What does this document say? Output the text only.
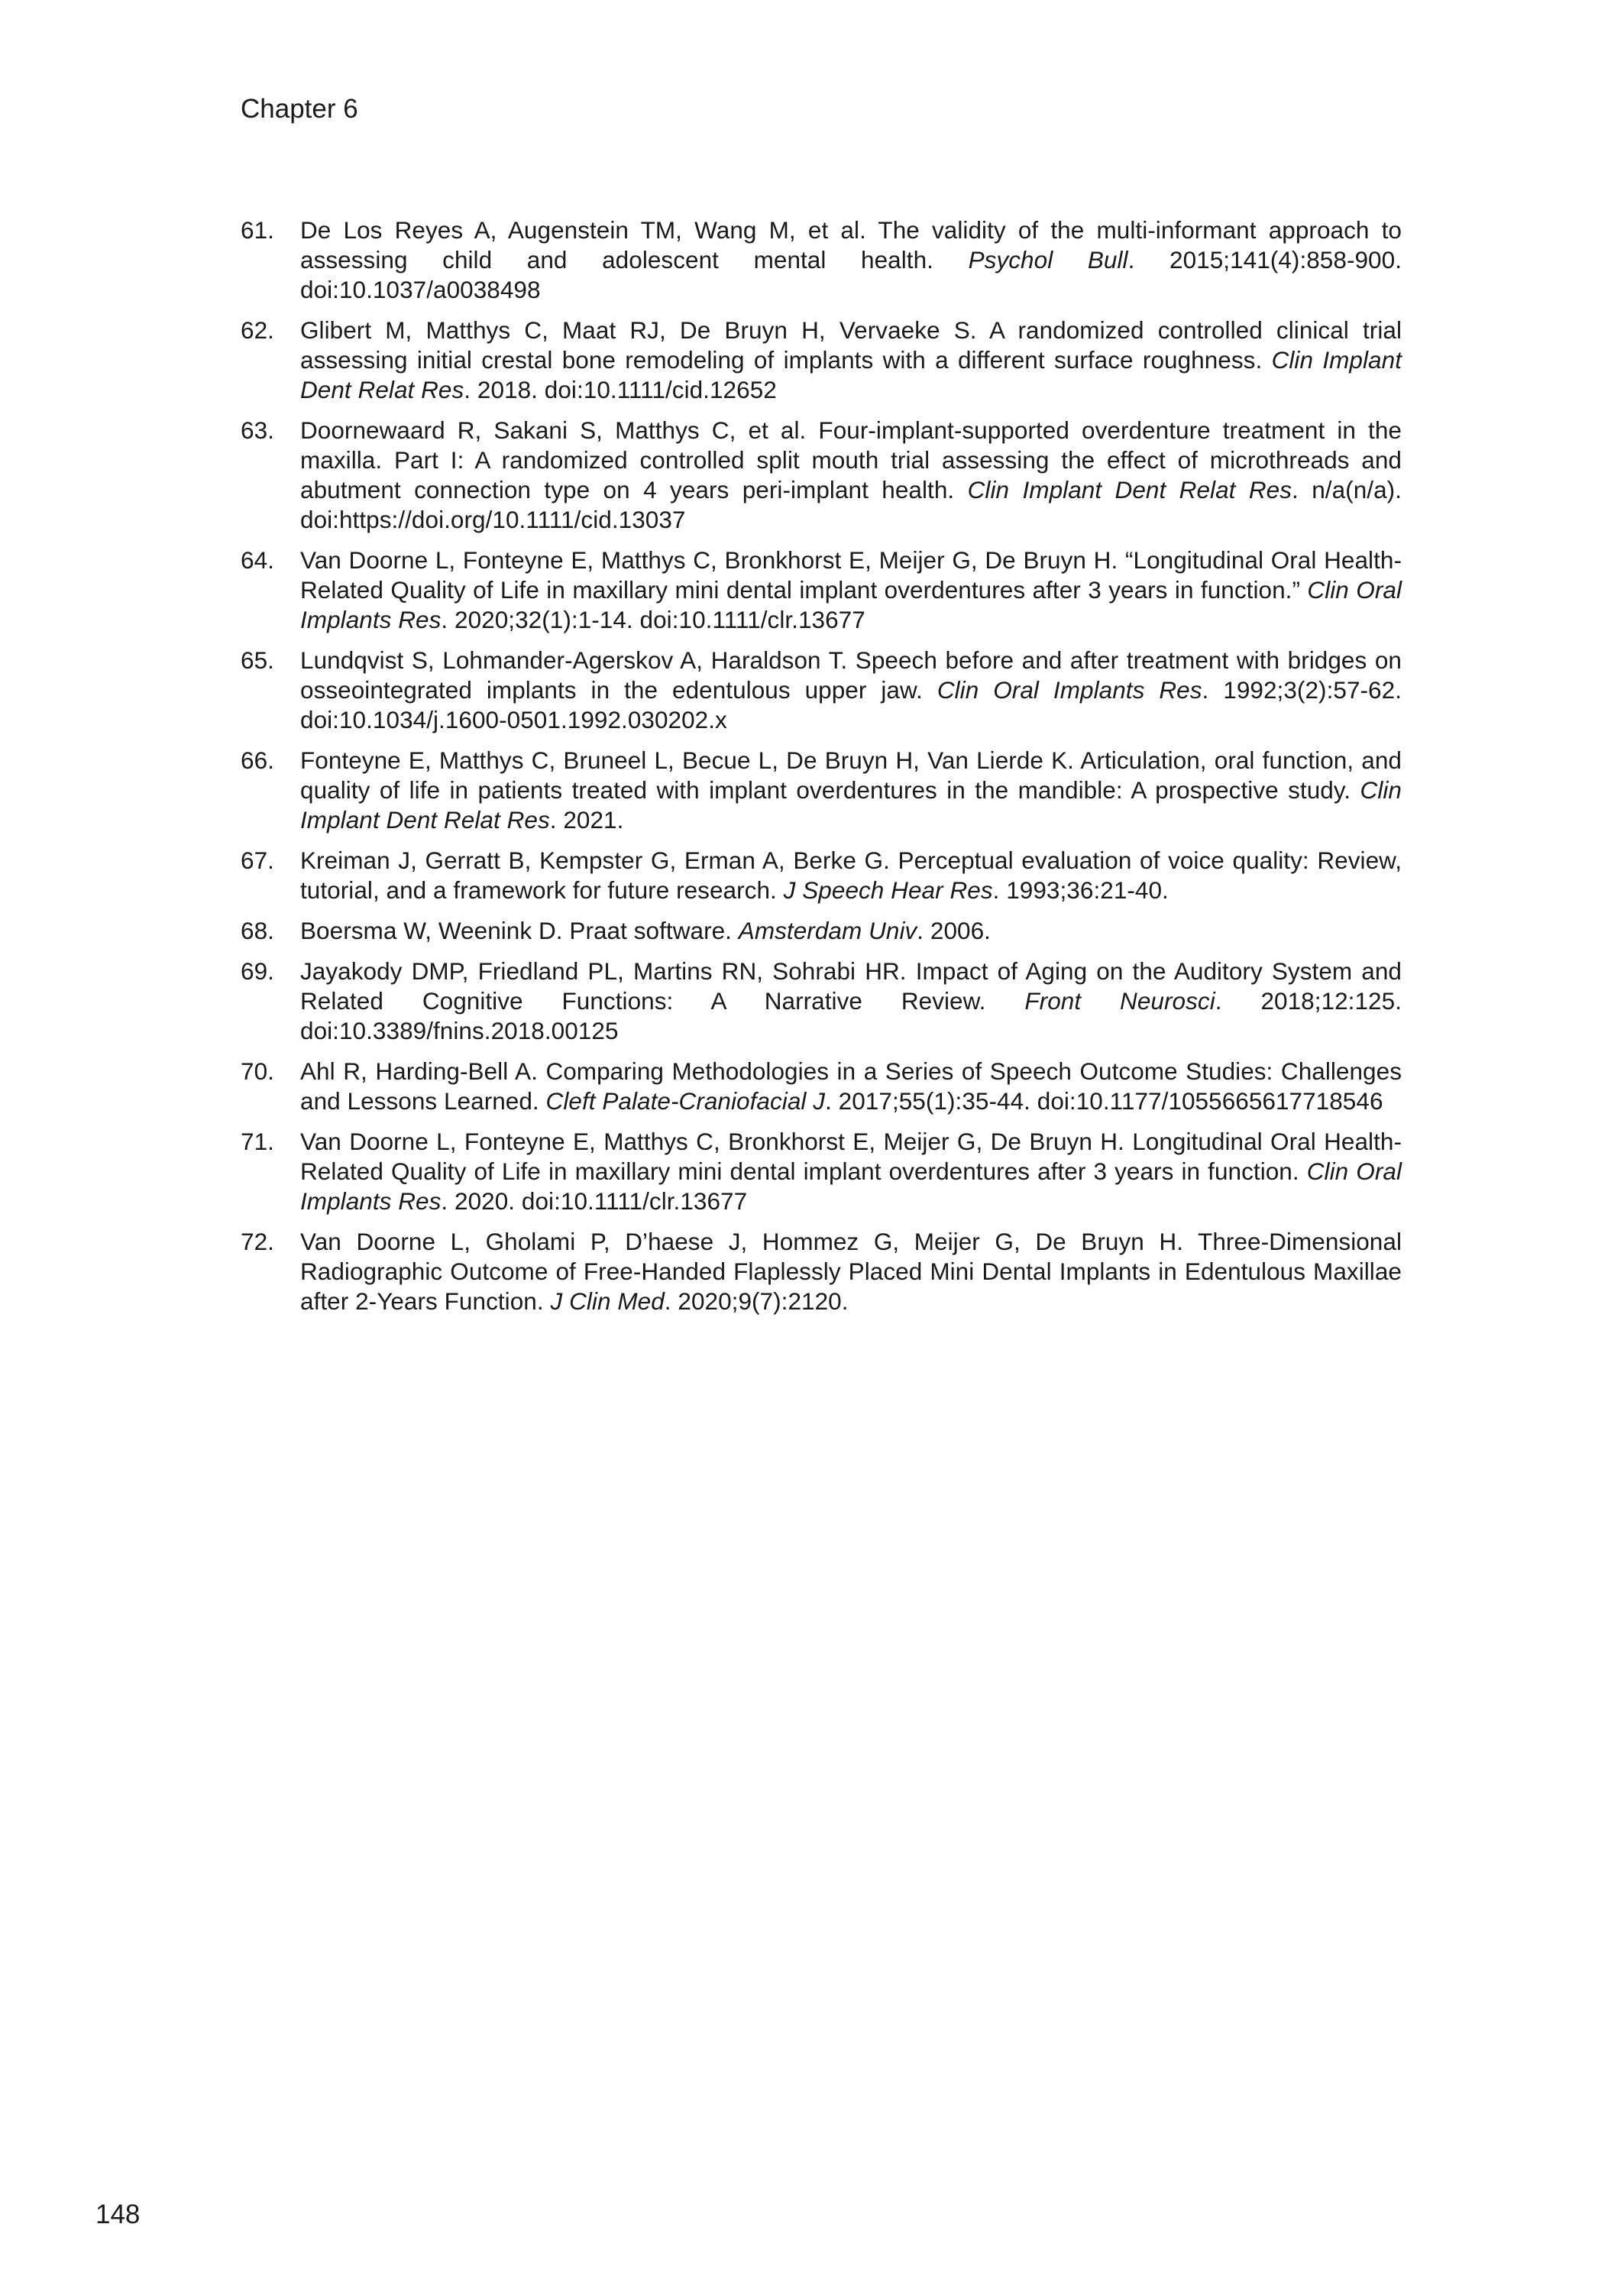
Chapter 6
61. De Los Reyes A, Augenstein TM, Wang M, et al. The validity of the multi-informant approach to assessing child and adolescent mental health. Psychol Bull. 2015;141(4):858-900. doi:10.1037/a0038498
62. Glibert M, Matthys C, Maat RJ, De Bruyn H, Vervaeke S. A randomized controlled clinical trial assessing initial crestal bone remodeling of implants with a different surface roughness. Clin Implant Dent Relat Res. 2018. doi:10.1111/cid.12652
63. Doornewaard R, Sakani S, Matthys C, et al. Four-implant-supported overdenture treatment in the maxilla. Part I: A randomized controlled split mouth trial assessing the effect of microthreads and abutment connection type on 4 years peri-implant health. Clin Implant Dent Relat Res. n/a(n/a). doi:https://doi.org/10.1111/cid.13037
64. Van Doorne L, Fonteyne E, Matthys C, Bronkhorst E, Meijer G, De Bruyn H. “Longitudinal Oral Health-Related Quality of Life in maxillary mini dental implant overdentures after 3 years in function.” Clin Oral Implants Res. 2020;32(1):1-14. doi:10.1111/clr.13677
65. Lundqvist S, Lohmander-Agerskov A, Haraldson T. Speech before and after treatment with bridges on osseointegrated implants in the edentulous upper jaw. Clin Oral Implants Res. 1992;3(2):57-62. doi:10.1034/j.1600-0501.1992.030202.x
66. Fonteyne E, Matthys C, Bruneel L, Becue L, De Bruyn H, Van Lierde K. Articulation, oral function, and quality of life in patients treated with implant overdentures in the mandible: A prospective study. Clin Implant Dent Relat Res. 2021.
67. Kreiman J, Gerratt B, Kempster G, Erman A, Berke G. Perceptual evaluation of voice quality: Review, tutorial, and a framework for future research. J Speech Hear Res. 1993;36:21-40.
68. Boersma W, Weenink D. Praat software. Amsterdam Univ. 2006.
69. Jayakody DMP, Friedland PL, Martins RN, Sohrabi HR. Impact of Aging on the Auditory System and Related Cognitive Functions: A Narrative Review. Front Neurosci. 2018;12:125. doi:10.3389/fnins.2018.00125
70. Ahl R, Harding-Bell A. Comparing Methodologies in a Series of Speech Outcome Studies: Challenges and Lessons Learned. Cleft Palate-Craniofacial J. 2017;55(1):35-44. doi:10.1177/1055665617718546
71. Van Doorne L, Fonteyne E, Matthys C, Bronkhorst E, Meijer G, De Bruyn H. Longitudinal Oral Health-Related Quality of Life in maxillary mini dental implant overdentures after 3 years in function. Clin Oral Implants Res. 2020. doi:10.1111/clr.13677
72. Van Doorne L, Gholami P, D’haese J, Hommez G, Meijer G, De Bruyn H. Three-Dimensional Radiographic Outcome of Free-Handed Flaplessly Placed Mini Dental Implants in Edentulous Maxillae after 2-Years Function. J Clin Med. 2020;9(7):2120.
148
